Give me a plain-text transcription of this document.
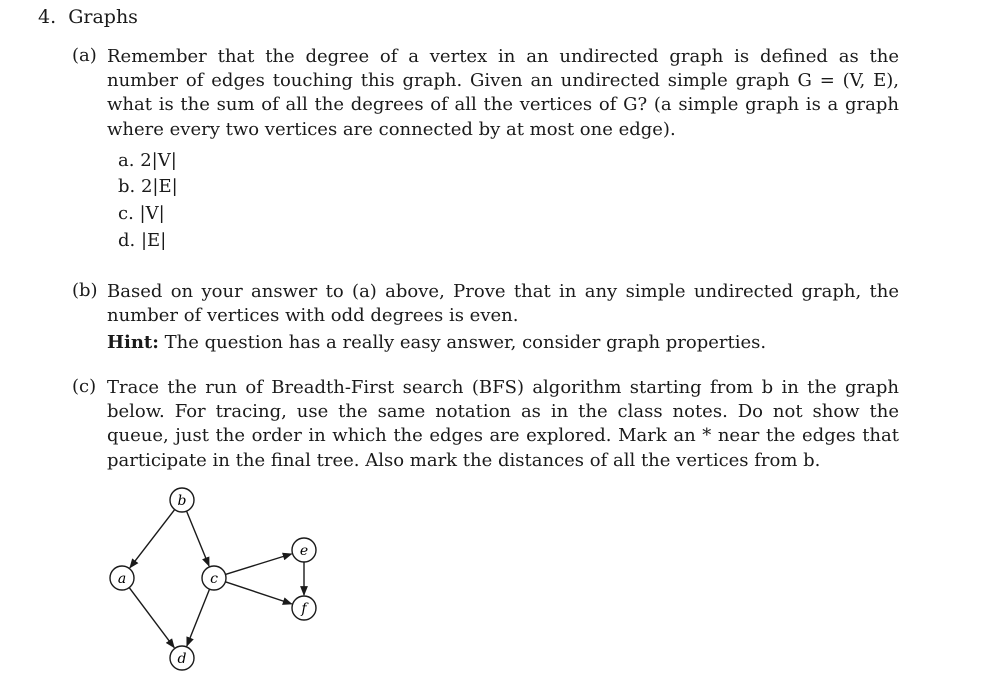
4. Graphs
(a) Remember that the degree of a vertex in an undirected graph is defined as the number of edges touching this graph. Given an undirected simple graph G = (V, E), what is the sum of all the degrees of all the vertices of G? (a simple graph is a graph where every two vertices are connected by at most one edge).
a. 2|V|
b. 2|E|
c. |V|
d. |E|
(b) Based on your answer to (a) above, Prove that in any simple undirected graph, the number of vertices with odd degrees is even.
Hint: The question has a really easy answer, consider graph properties.
(c) Trace the run of Breadth-First search (BFS) algorithm starting from b in the graph below. For tracing, use the same notation as in the class notes. Do not show the queue, just the order in which the edges are explored. Mark an * near the edges that participate in the final tree. Also mark the distances of all the vertices from b.
b
a	c
e
f
d
